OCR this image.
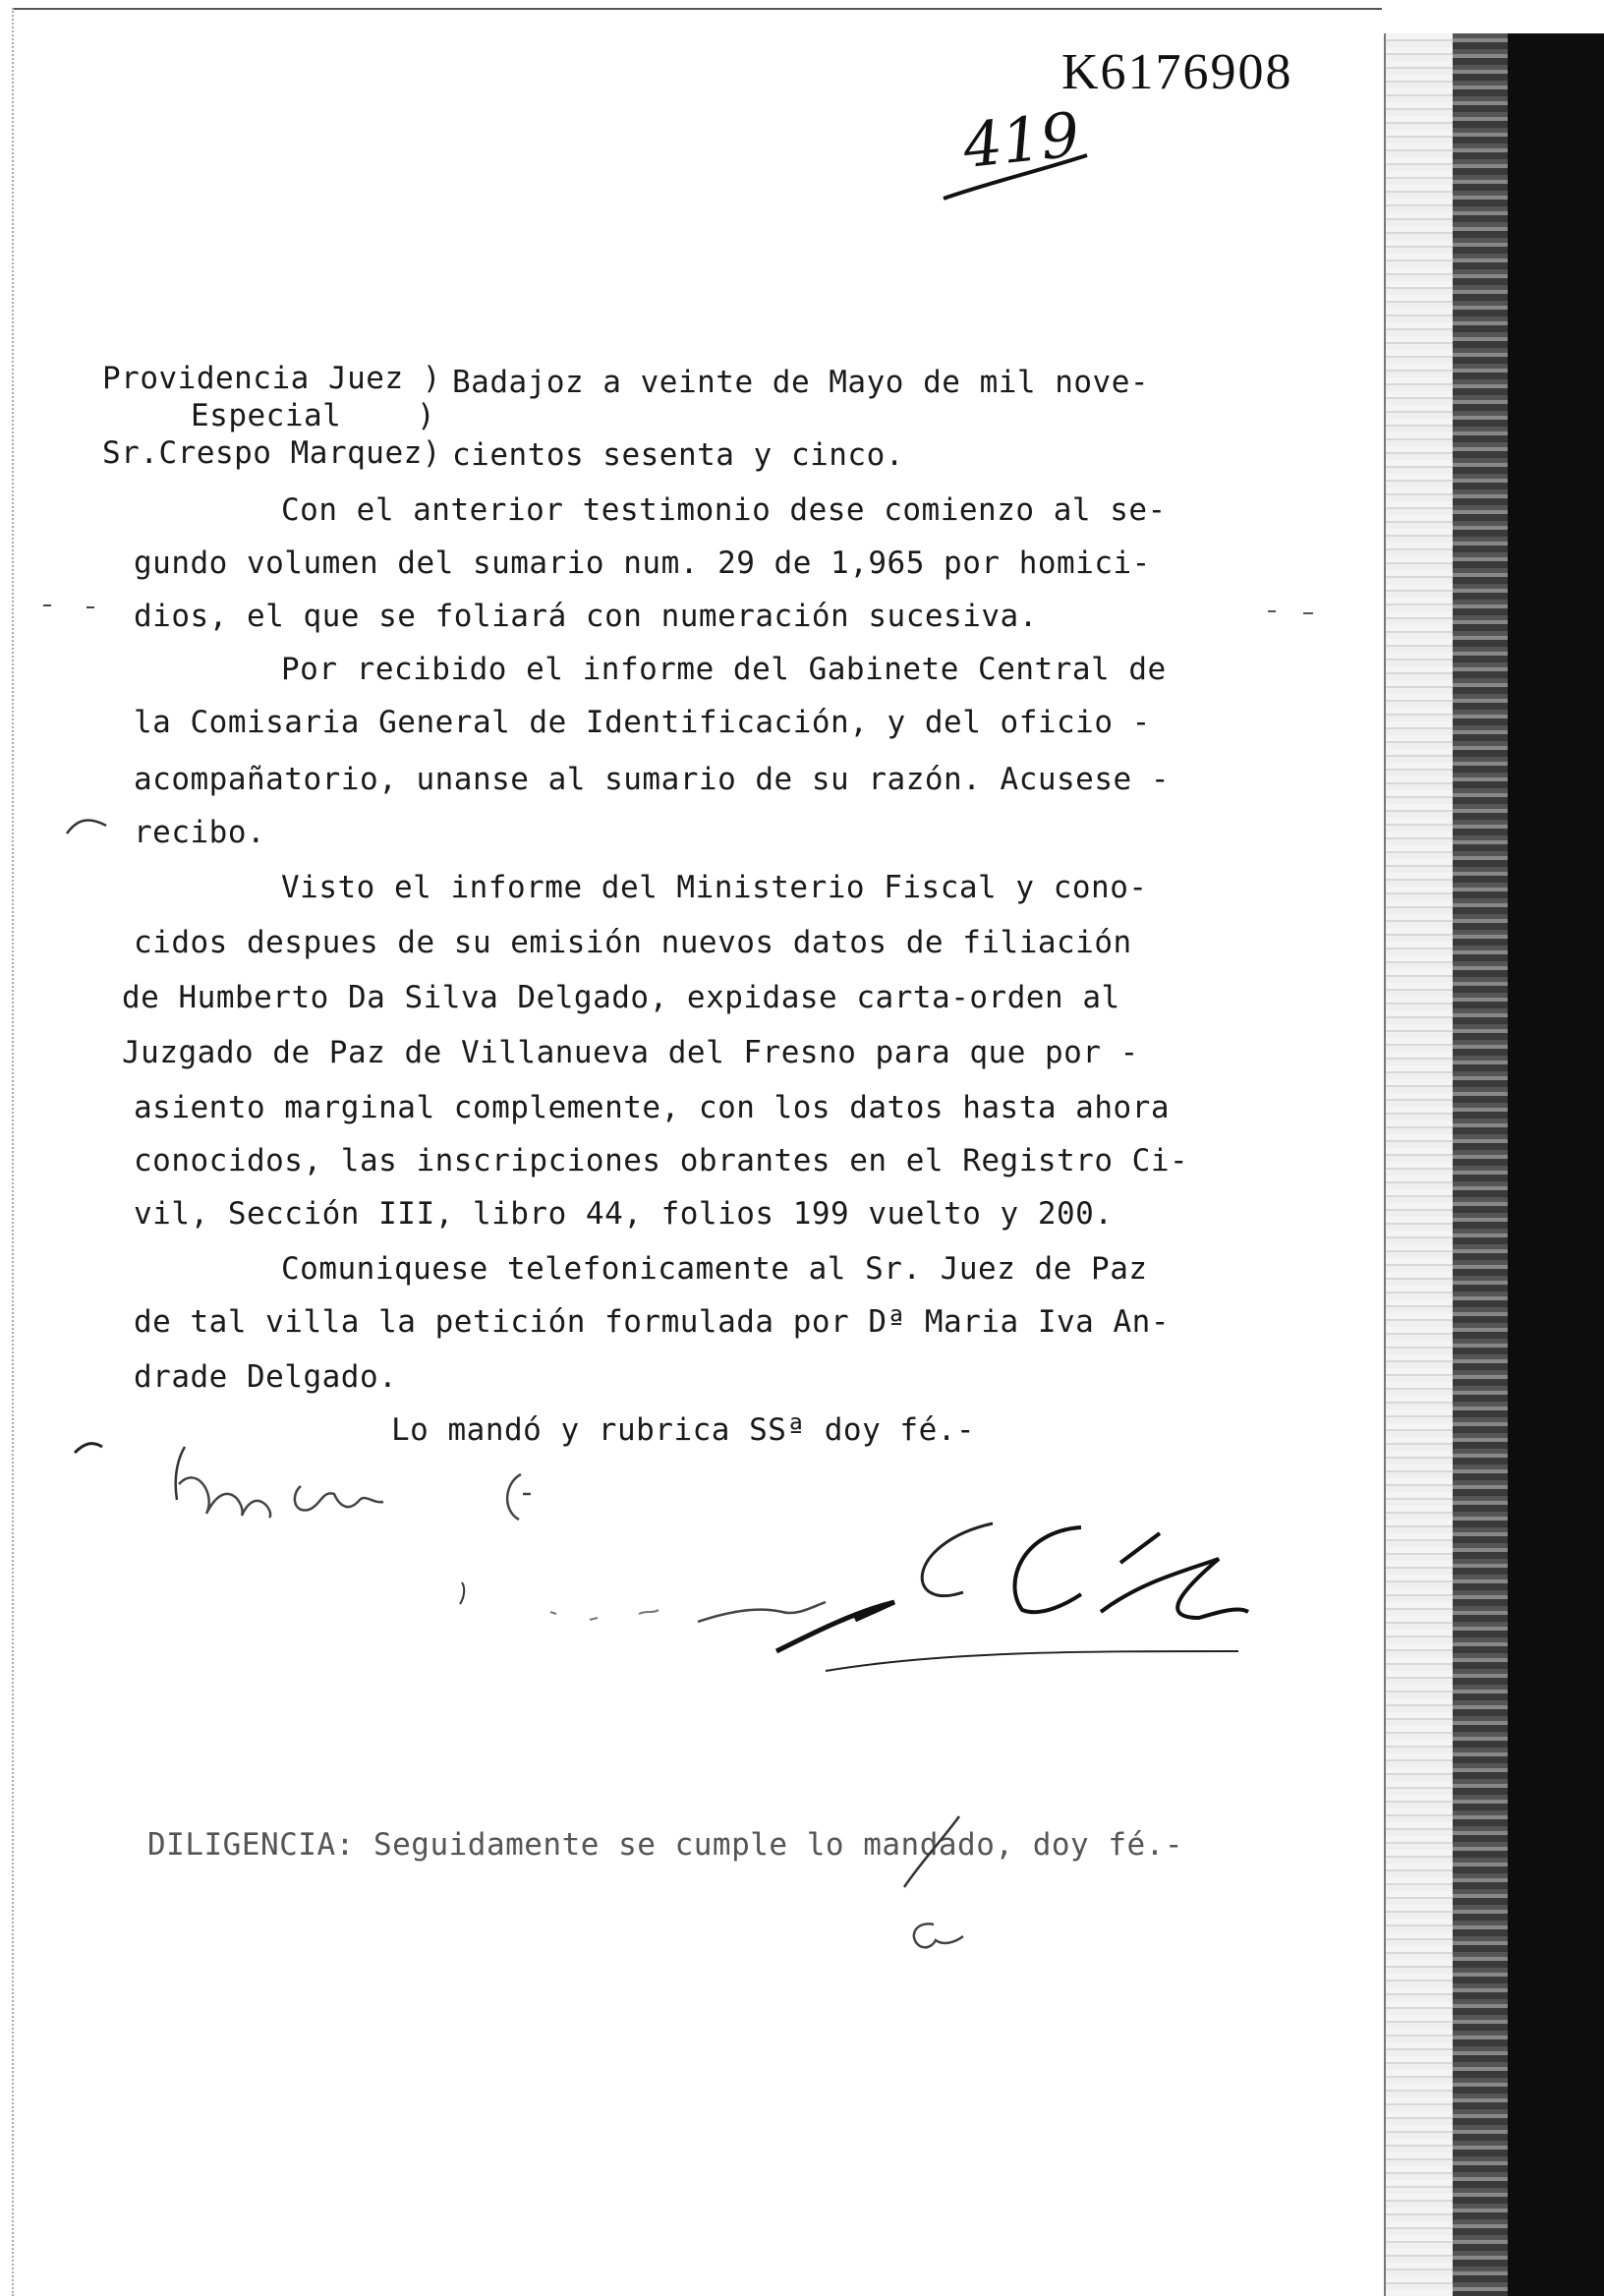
K6176908
419
Providencia Juez )
Especial    )
Sr.Crespo Marquez)
Badajoz a veinte de Mayo de mil nove-
cientos sesenta y cinco.
Con el anterior testimonio dese comienzo al se-
gundo volumen del sumario num. 29 de 1,965 por homici-
dios, el que se foliará con numeración sucesiva.
Por recibido el informe del Gabinete Central de
la Comisaria General de Identificación, y del oficio -
acompañatorio, unanse al sumario de su razón. Acusese -
recibo.
Visto el informe del Ministerio Fiscal y cono-
cidos despues de su emisión nuevos datos de filiación
de Humberto Da Silva Delgado, expidase carta-orden al
Juzgado de Paz de Villanueva del Fresno para que por -
asiento marginal complemente, con los datos hasta ahora
conocidos, las inscripciones obrantes en el Registro Ci-
vil, Sección III, libro 44, folios 199 vuelto y 200.
Comuniquese telefonicamente al Sr. Juez de Paz
de tal villa la petición formulada por Dª Maria Iva An-
drade Delgado.
Lo mandó y rubrica SSª doy fé.-
DILIGENCIA: Seguidamente se cumple lo mandado, doy fé.-
